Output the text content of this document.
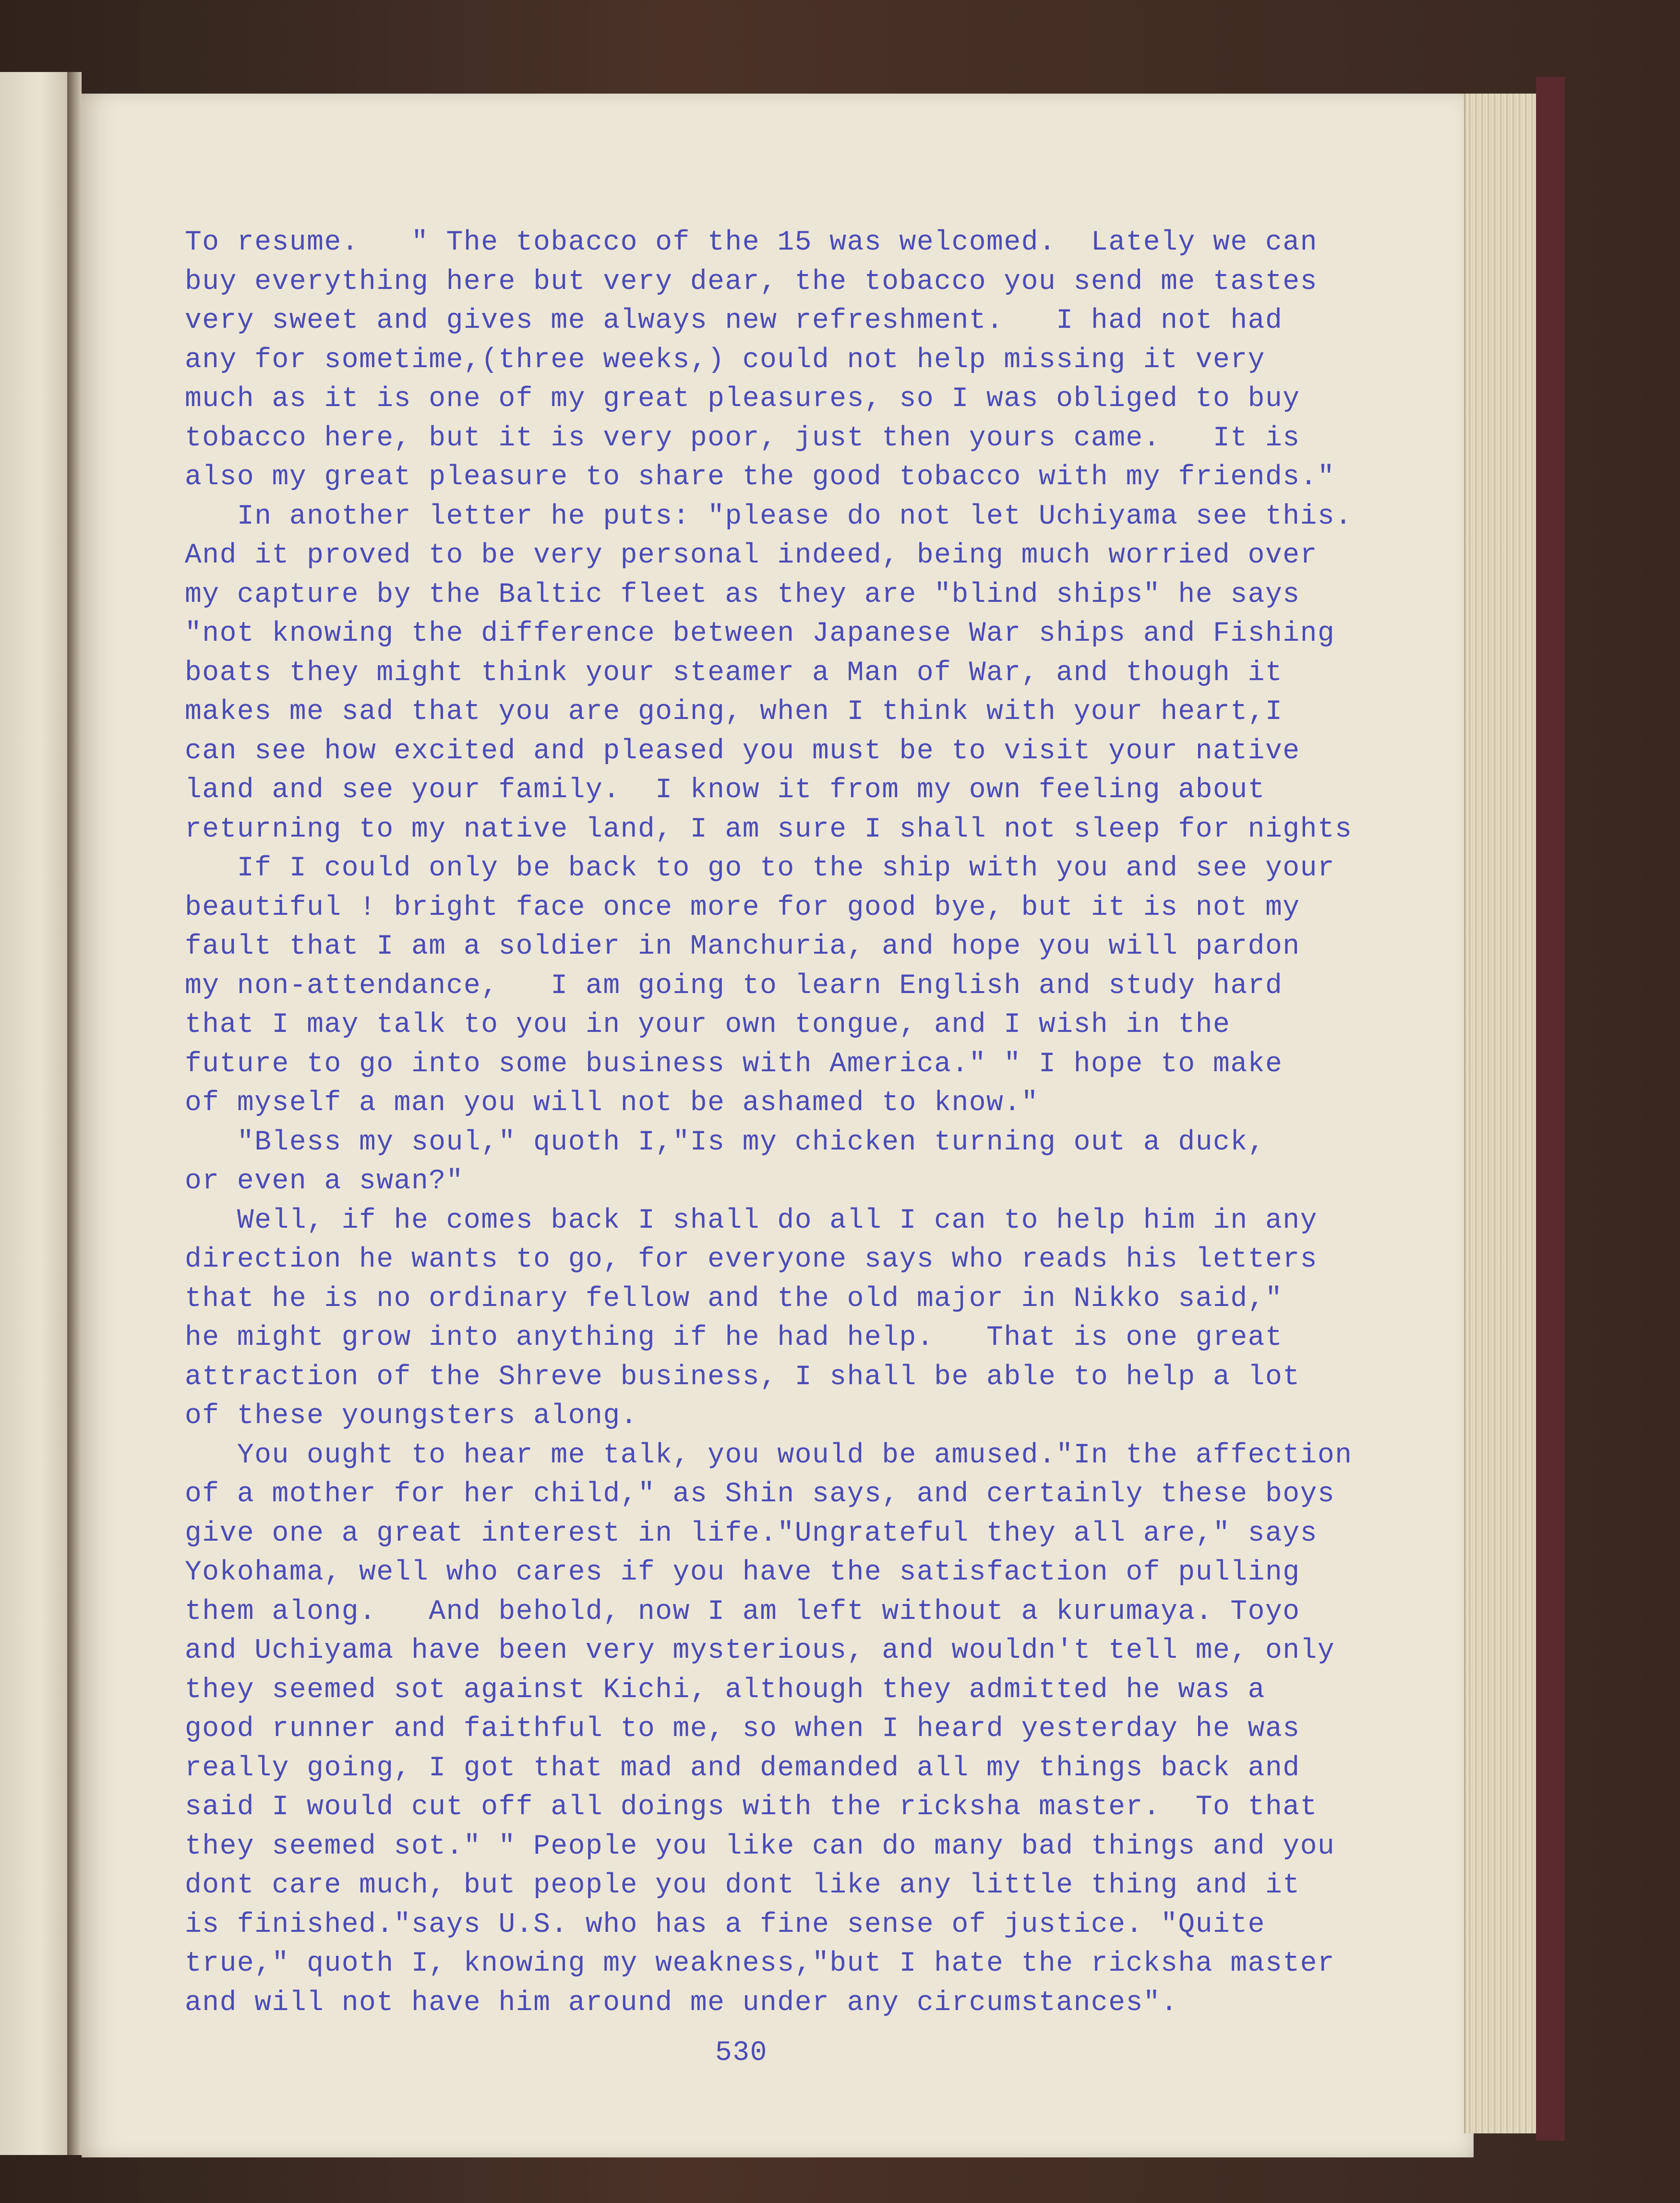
To resume.   " The tobacco of the 15 was welcomed.  Lately we can
buy everything here but very dear, the tobacco you send me tastes
very sweet and gives me always new refreshment.   I had not had
any for sometime,(three weeks,) could not help missing it very
much as it is one of my great pleasures, so I was obliged to buy
tobacco here, but it is very poor, just then yours came.   It is
also my great pleasure to share the good tobacco with my friends."
In another letter he puts: "please do not let Uchiyama see this.
And it proved to be very personal indeed, being much worried over
my capture by the Baltic fleet as they are "blind ships" he says
"not knowing the difference between Japanese War ships and Fishing
boats they might think your steamer a Man of War, and though it
makes me sad that you are going, when I think with your heart,I
can see how excited and pleased you must be to visit your native
land and see your family.  I know it from my own feeling about
returning to my native land, I am sure I shall not sleep for nights
If I could only be back to go to the ship with you and see your
beautiful ! bright face once more for good bye, but it is not my
fault that I am a soldier in Manchuria, and hope you will pardon
my non-attendance,   I am going to learn English and study hard
that I may talk to you in your own tongue, and I wish in the
future to go into some business with America." " I hope to make
of myself a man you will not be ashamed to know."
"Bless my soul," quoth I,"Is my chicken turning out a duck,
or even a swan?"
Well, if he comes back I shall do all I can to help him in any
direction he wants to go, for everyone says who reads his letters
that he is no ordinary fellow and the old major in Nikko said,"
he might grow into anything if he had help.   That is one great
attraction of the Shreve business, I shall be able to help a lot
of these youngsters along.
You ought to hear me talk, you would be amused."In the affection
of a mother for her child," as Shin says, and certainly these boys
give one a great interest in life."Ungrateful they all are," says
Yokohama, well who cares if you have the satisfaction of pulling
them along.   And behold, now I am left without a kurumaya. Toyo
and Uchiyama have been very mysterious, and wouldn't tell me, only
they seemed sot against Kichi, although they admitted he was a
good runner and faithful to me, so when I heard yesterday he was
really going, I got that mad and demanded all my things back and
said I would cut off all doings with the ricksha master.  To that
they seemed sot." " People you like can do many bad things and you
dont care much, but people you dont like any little thing and it
is finished."says U.S. who has a fine sense of justice. "Quite
true," quoth I, knowing my weakness,"but I hate the ricksha master
and will not have him around me under any circumstances".
530
